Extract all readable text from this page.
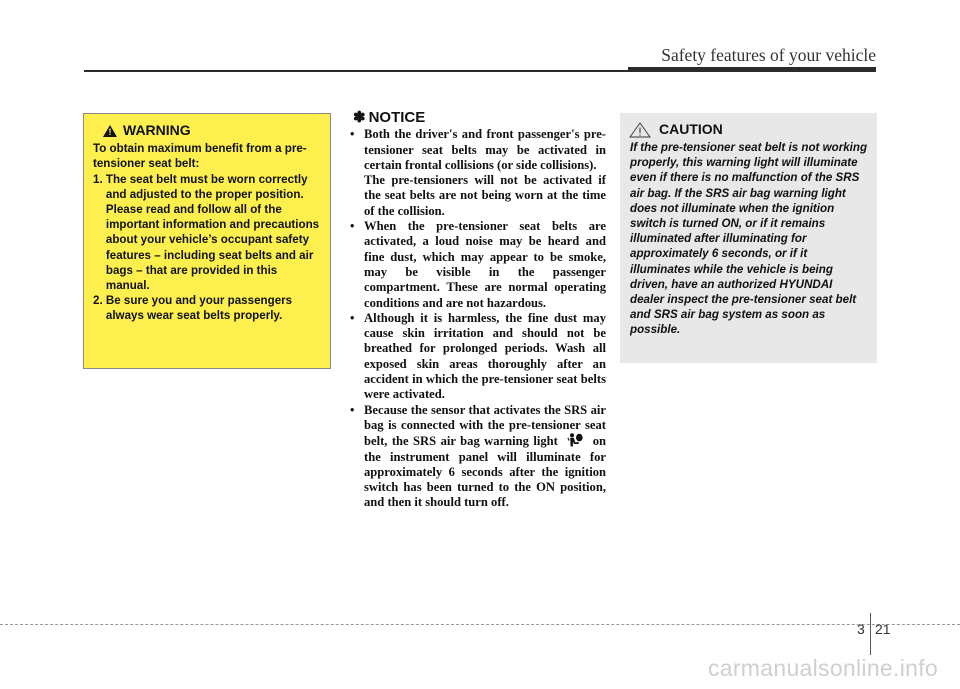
Safety features of your vehicle
! WARNING
To obtain maximum benefit from a pre-tensioner seat belt:
1. The seat belt must be worn correctly and adjusted to the proper position. Please read and follow all of the important information and precautions about your vehicle’s occupant safety features – including seat belts and air bags – that are provided in this manual.
2. Be sure you and your passengers always wear seat belts properly.
✽ NOTICE
• Both the driver's and front passenger's pre-tensioner seat belts may be activated in certain frontal collisions (or side collisions).
The pre-tensioners will not be activated if the seat belts are not being worn at the time of the collision.
• When the pre-tensioner seat belts are activated, a loud noise may be heard and fine dust, which may appear to be smoke, may be visible in the passenger compartment. These are normal operating conditions and are not hazardous.
• Although it is harmless, the fine dust may cause skin irritation and should not be breathed for prolonged periods. Wash all exposed skin areas thoroughly after an accident in which the pre-tensioner seat belts were activated.
• Because the sensor that activates the SRS air bag is connected with the pre-tensioner seat belt, the SRS air bag warning light	on the instrument panel will illuminate for approximately 6 seconds after the ignition switch has been turned to the ON position, and then it should turn off.
CAUTION
If the pre-tensioner seat belt is not working properly, this warning light will illuminate even if there is no malfunction of the SRS air bag. If the SRS air bag warning light does not illuminate when the ignition switch is turned ON, or if it remains illuminated after illuminating for approximately 6 seconds, or if it illuminates while the vehicle is being driven, have an authorized HYUNDAI dealer inspect the pre-tensioner seat belt and SRS air bag system as soon as possible.
3 21
carmanualsonline.info
